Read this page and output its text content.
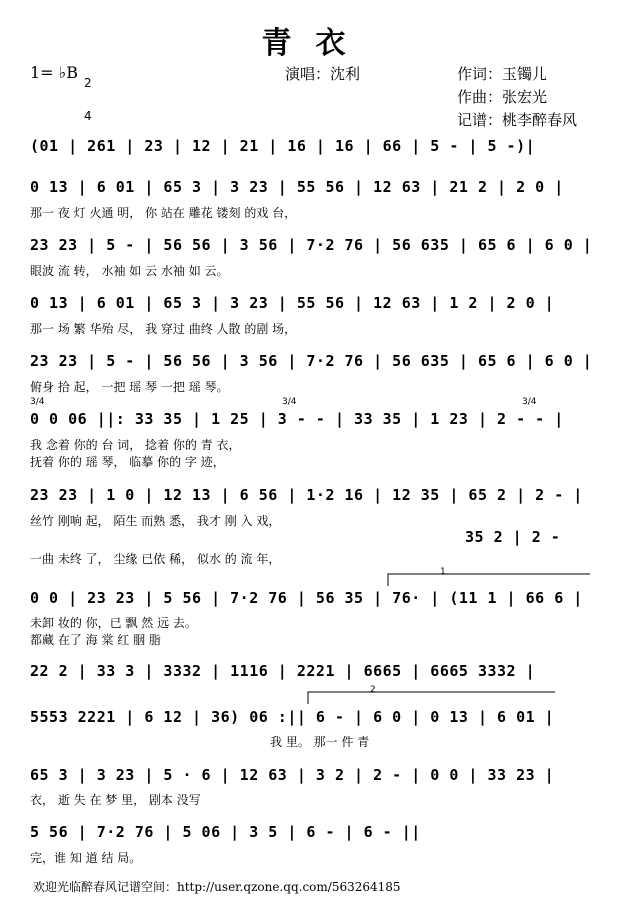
青衣
1= ♭B

2

4

演唱：沈利	作词：玉镯儿
作曲：张宏光
记谱：桃李醉春风
(01 | 261 | 23 | 12 | 21 | 16 | 16 | 66 | 5 - | 5 -)|
0 13 | 6 01 | 65 3 | 3 23 | 55 56 | 12 63 | 21 2 | 2 0 |
那一 夜 灯 火通 明， 你 站在 雕花 镂刻 的戏 台，
23 23 | 5 - | 56 56 | 3 56 | 7·2 76 | 56 635 | 65 6 | 6 0 |
眼波 流 转， 水袖 如 云 水袖 如 云。
0 13 | 6 01 | 65 3 | 3 23 | 55 56 | 12 63 | 1 2 | 2 0 |
那一 场 繁 华殆 尽， 我 穿过 曲终 人散 的剧 场，
23 23 | 5 - | 56 56 | 3 56 | 7·2 76 | 56 635 | 65 6 | 6 0 |
俯身 拾 起， 一把 瑶 琴 一把 瑶 琴。
3/4	3/4	3/4
0 0 06 ||: 33 35 | 1 25 | 3 - - | 33 35 | 1 23 | 2 - - |
我 念着 你的 台 词， 捻着 你的 青 衣，
抚着 你的 瑶 琴， 临摹 你的 字 迹，
23 23 | 1 0 | 12 13 | 6 56 | 1·2 16 | 12 35 | 65 2 | 2 - |
丝竹 刚响 起， 陌生 而熟 悉， 我才 刚 入 戏，
35 2 | 2 -
一曲 未终 了， 尘缘 已依 稀， 似水 的 流 年，
0 0 | 23 23 | 5 56 | 7·2 76 | 56 35 | 76· | (11 1 | 66 6 |
未卸 妆的 你，已 飘 然 远 去。
都藏 在了 海 棠 红 胭 脂
22 2 | 33 3 | 3332 | 1116 | 2221 | 6665 | 6665 3332 |
5553 2221 | 6 12 | 36) 06 :|| 6 - | 6 0 | 0 13 | 6 01 |
我 里。 那一 件 青
65 3 | 3 23 | 5 · 6 | 12 63 | 3 2 | 2 - | 0 0 | 33 23 |
衣， 逝 失 在 梦 里， 剧本 没写
5 56 | 7·2 76 | 5 06 | 3 5 | 6 - | 6 - ||
完，谁 知 道 结 局。
1
2
欢迎光临醉春风记谱空间：http://user.qzone.qq.com/563264185
